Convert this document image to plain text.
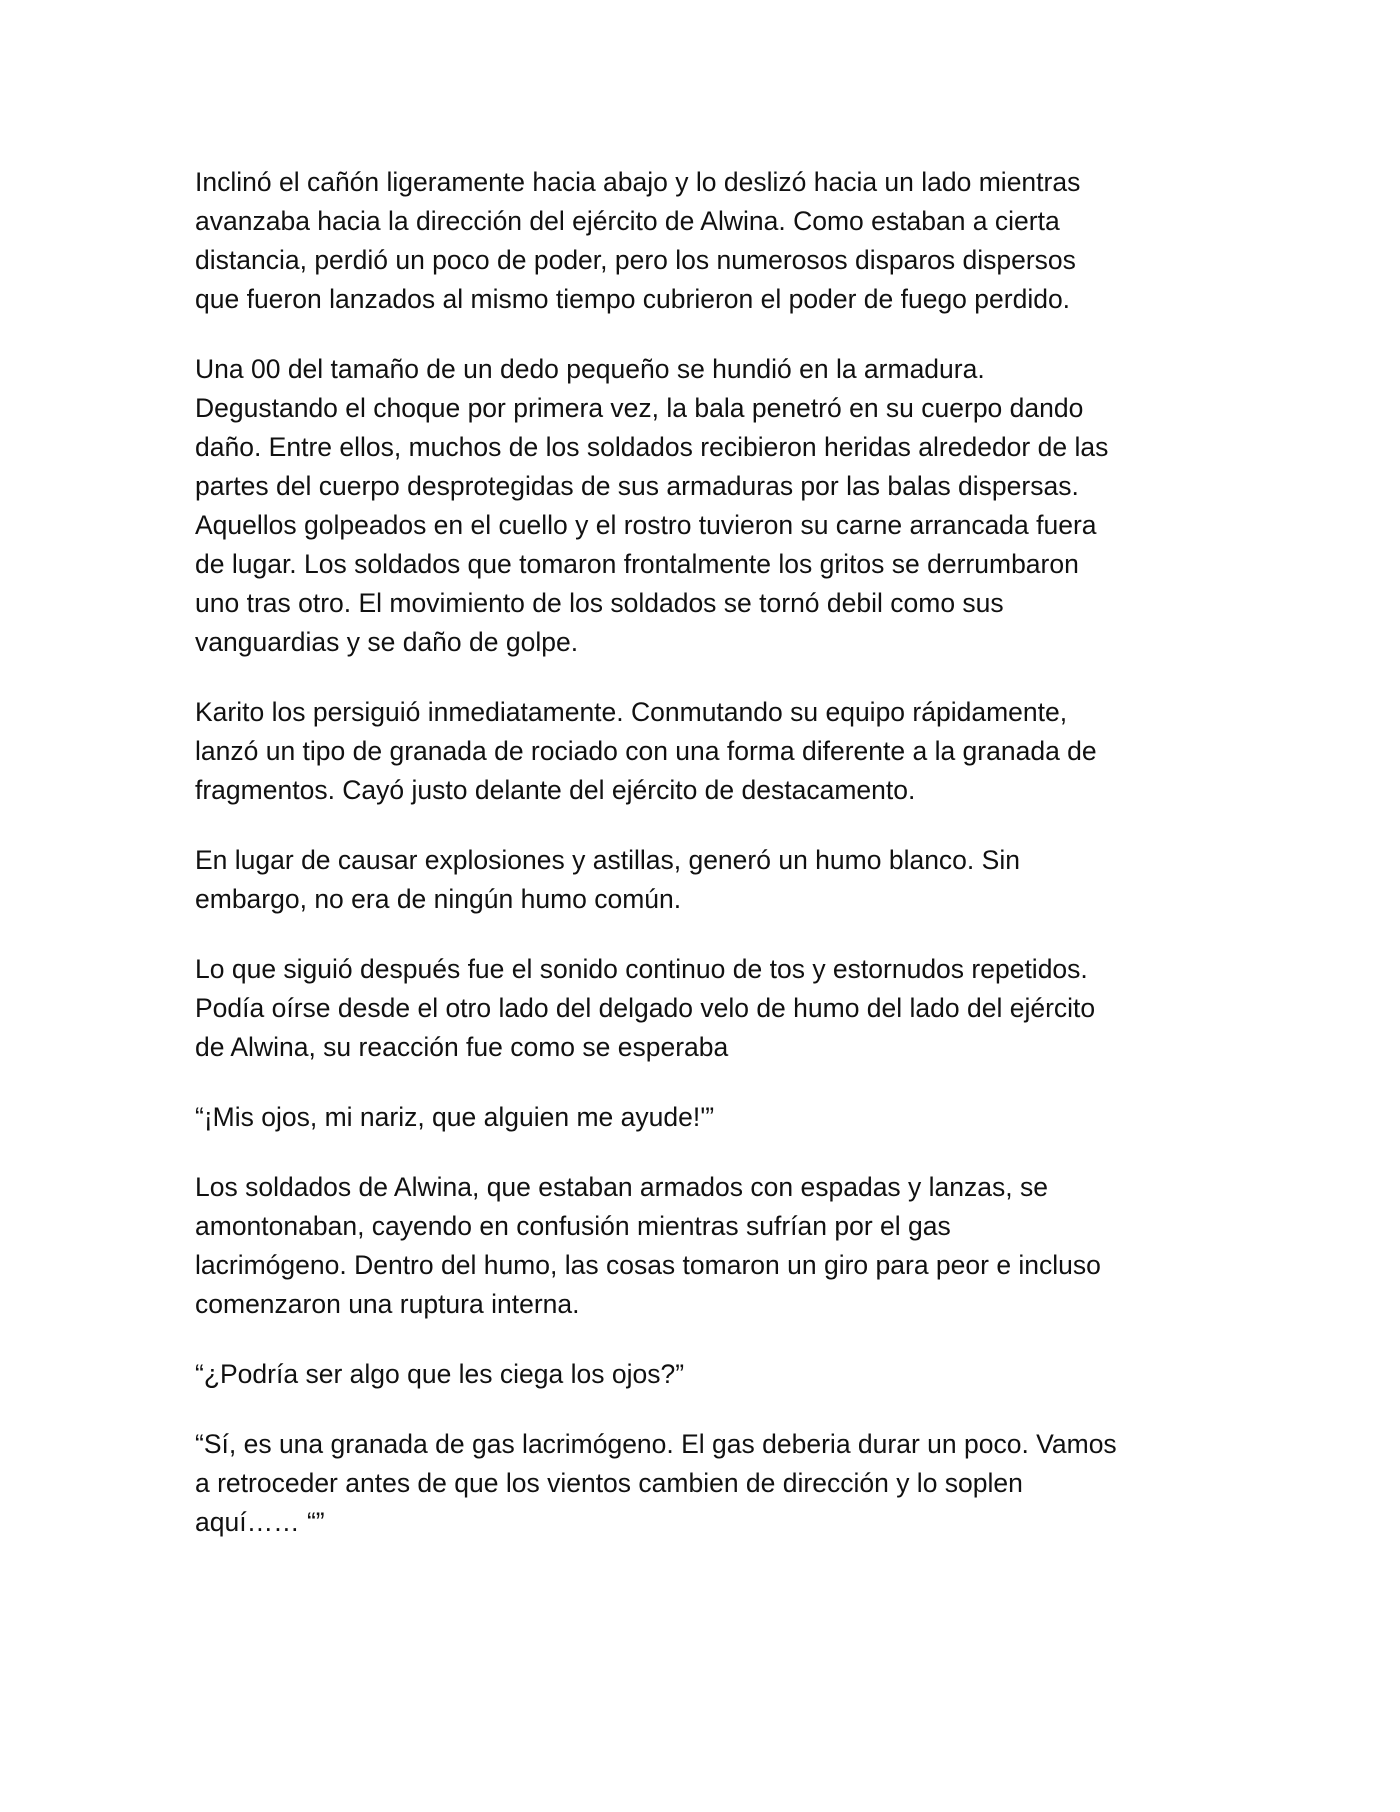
Inclinó el cañón ligeramente hacia abajo y lo deslizó hacia un lado mientras
avanzaba hacia la dirección del ejército de Alwina. Como estaban a cierta
distancia, perdió un poco de poder, pero los numerosos disparos dispersos
que fueron lanzados al mismo tiempo cubrieron el poder de fuego perdido.

Una 00 del tamaño de un dedo pequeño se hundió en la armadura.
Degustando el choque por primera vez, la bala penetró en su cuerpo dando
daño. Entre ellos, muchos de los soldados recibieron heridas alrededor de las
partes del cuerpo desprotegidas de sus armaduras por las balas dispersas.
Aquellos golpeados en el cuello y el rostro tuvieron su carne arrancada fuera
de lugar. Los soldados que tomaron frontalmente los gritos se derrumbaron
uno tras otro. El movimiento de los soldados se tornó debil como sus
vanguardias y se daño de golpe.

Karito los persiguió inmediatamente. Conmutando su equipo rápidamente,
lanzó un tipo de granada de rociado con una forma diferente a la granada de
fragmentos. Cayó justo delante del ejército de destacamento.

En lugar de causar explosiones y astillas, generó un humo blanco. Sin
embargo, no era de ningún humo común.

Lo que siguió después fue el sonido continuo de tos y estornudos repetidos.
Podía oírse desde el otro lado del delgado velo de humo del lado del ejército
de Alwina, su reacción fue como se esperaba

“¡Mis ojos, mi nariz, que alguien me ayude!'”

Los soldados de Alwina, que estaban armados con espadas y lanzas, se
amontonaban, cayendo en confusión mientras sufrían por el gas
lacrimógeno. Dentro del humo, las cosas tomaron un giro para peor e incluso
comenzaron una ruptura interna.

“¿Podría ser algo que les ciega los ojos?”

“Sí, es una granada de gas lacrimógeno. El gas deberia durar un poco. Vamos
a retroceder antes de que los vientos cambien de dirección y lo soplen
aquí…… “”
